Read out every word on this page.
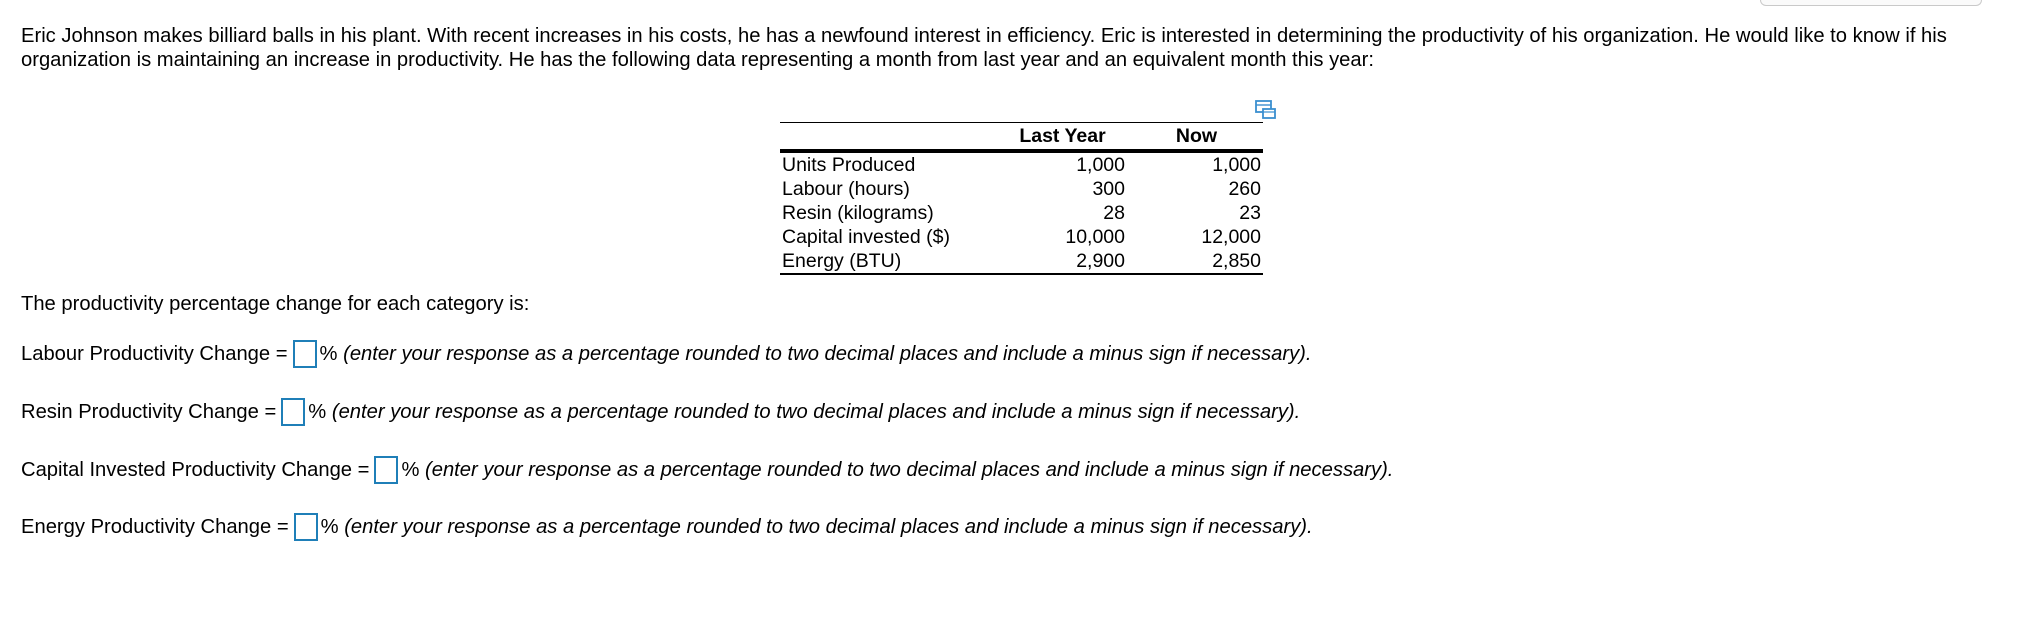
Eric Johnson makes billiard balls in his plant. With recent increases in his costs, he has a newfound interest in efficiency. Eric is interested in determining the productivity of his organization. He would like to know if his organization is maintaining an increase in productivity. He has the following data representing a month from last year and an equivalent month this year:

	Last Year	Now
Units Produced	1,000	1,000
Labour (hours)	300	260
Resin (kilograms)	28	23
Capital invested ($)	10,000	12,000
Energy (BTU)	2,900	2,850
The productivity percentage change for each category is:
Labour Productivity Change = %
(enter your response as a percentage rounded to two decimal places and include a minus sign if necessary).
Resin Productivity Change = %
(enter your response as a percentage rounded to two decimal places and include a minus sign if necessary).
Capital Invested Productivity Change = %
(enter your response as a percentage rounded to two decimal places and include a minus sign if necessary).
Energy Productivity Change = %
(enter your response as a percentage rounded to two decimal places and include a minus sign if necessary).
